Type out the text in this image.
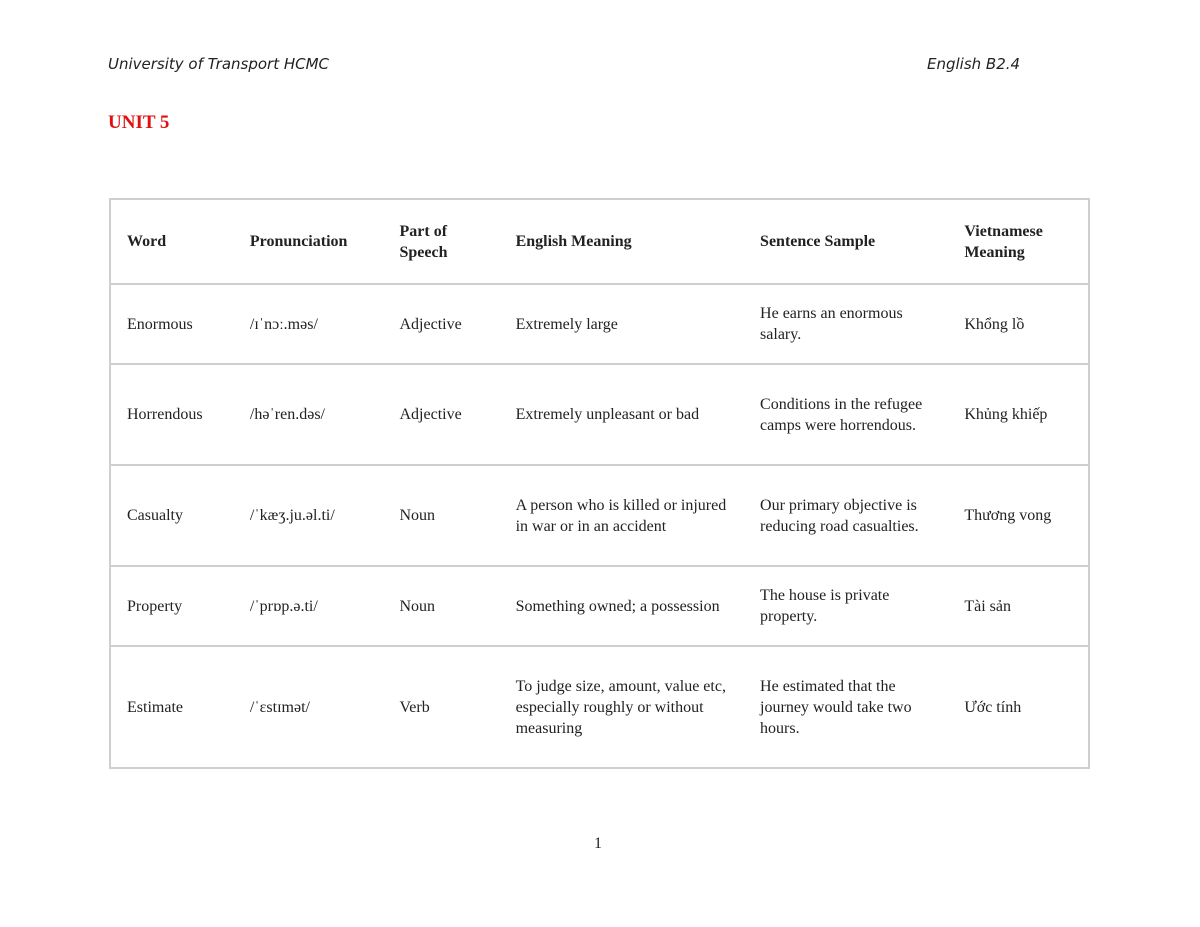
University of Transport HCMC	English B2.4
UNIT 5
Word	Pronunciation	Part of Speech	English Meaning	Sentence Sample	Vietnamese Meaning
Enormous	/ɪˈnɔː.məs/	Adjective	Extremely large	He earns an enormous salary.	Khổng lồ
Horrendous	/həˈren.dəs/	Adjective	Extremely unpleasant or bad	Conditions in the refugee camps were horrendous.	Khủng khiếp
Casualty	/ˈkæʒ.ju.əl.ti/	Noun	A person who is killed or injured in war or in an accident	Our primary objective is reducing road casualties.	Thương vong
Property	/ˈprɒp.ə.ti/	Noun	Something owned; a possession	The house is private property.	Tài sản
Estimate	/ˈɛstɪmət/	Verb	To judge size, amount, value etc, especially roughly or without measuring	He estimated that the journey would take two hours.	Ước tính
1
